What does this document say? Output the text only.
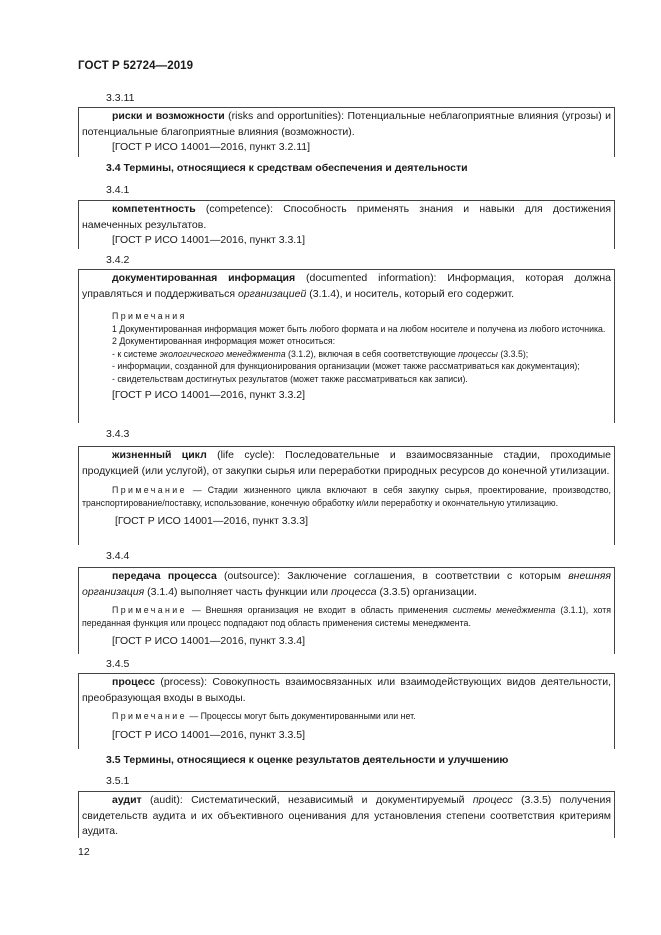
ГОСТ Р 52724—2019
3.3.11

риски и возможности (risks and opportunities): Потенциальные неблагоприятные влияния (угрозы) и потенциальные благоприятные влияния (возможности).

[ГОСТ Р ИСО 14001—2016, пункт 3.2.11]
3.4 Термины, относящиеся к средствам обеспечения и деятельности
3.4.1

компетентность (competence): Способность применять знания и навыки для достижения намеченных результатов.

[ГОСТ Р ИСО 14001—2016, пункт 3.3.1]
3.4.2

документированная информация (documented information): Информация, которая должна управляться и поддерживаться организацией (3.1.4), и носитель, который его содержит.

Примечания
1 Документированная информация может быть любого формата и на любом носителе и получена из любого источника.
2 Документированная информация может относиться:
- к системе экологического менеджмента (3.1.2), включая в себя соответствующие процессы (3.3.5);
- информации, созданной для функционирования организации (может также рассматриваться как документация);
- свидетельствам достигнутых результатов (может также рассматриваться как записи).
[ГОСТ Р ИСО 14001—2016, пункт 3.3.2]
3.4.3

жизненный цикл (life cycle): Последовательные и взаимосвязанные стадии, проходимые продукцией (или услугой), от закупки сырья или переработки природных ресурсов до конечной утилизации.

Примечание — Стадии жизненного цикла включают в себя закупку сырья, проектирование, производство, транспортирование/поставку, использование, конечную обработку и/или переработку и окончательную утилизацию.
[ГОСТ Р ИСО 14001—2016, пункт 3.3.3]
3.4.4

передача процесса (outsource): Заключение соглашения, в соответствии с которым внешняя организация (3.1.4) выполняет часть функции или процесса (3.3.5) организации.

Примечание — Внешняя организация не входит в область применения системы менеджмента (3.1.1), хотя переданная функция или процесс подпадают под область применения системы менеджмента.
[ГОСТ Р ИСО 14001—2016, пункт 3.3.4]
3.4.5

процесс (process): Совокупность взаимосвязанных или взаимодействующих видов деятельности, преобразующая входы в выходы.

Примечание — Процессы могут быть документированными или нет.
[ГОСТ Р ИСО 14001—2016, пункт 3.3.5]
3.5 Термины, относящиеся к оценке результатов деятельности и улучшению
3.5.1

аудит (audit): Систематический, независимый и документируемый процесс (3.3.5) получения свидетельств аудита и их объективного оценивания для установления степени соответствия критериям аудита.

12
